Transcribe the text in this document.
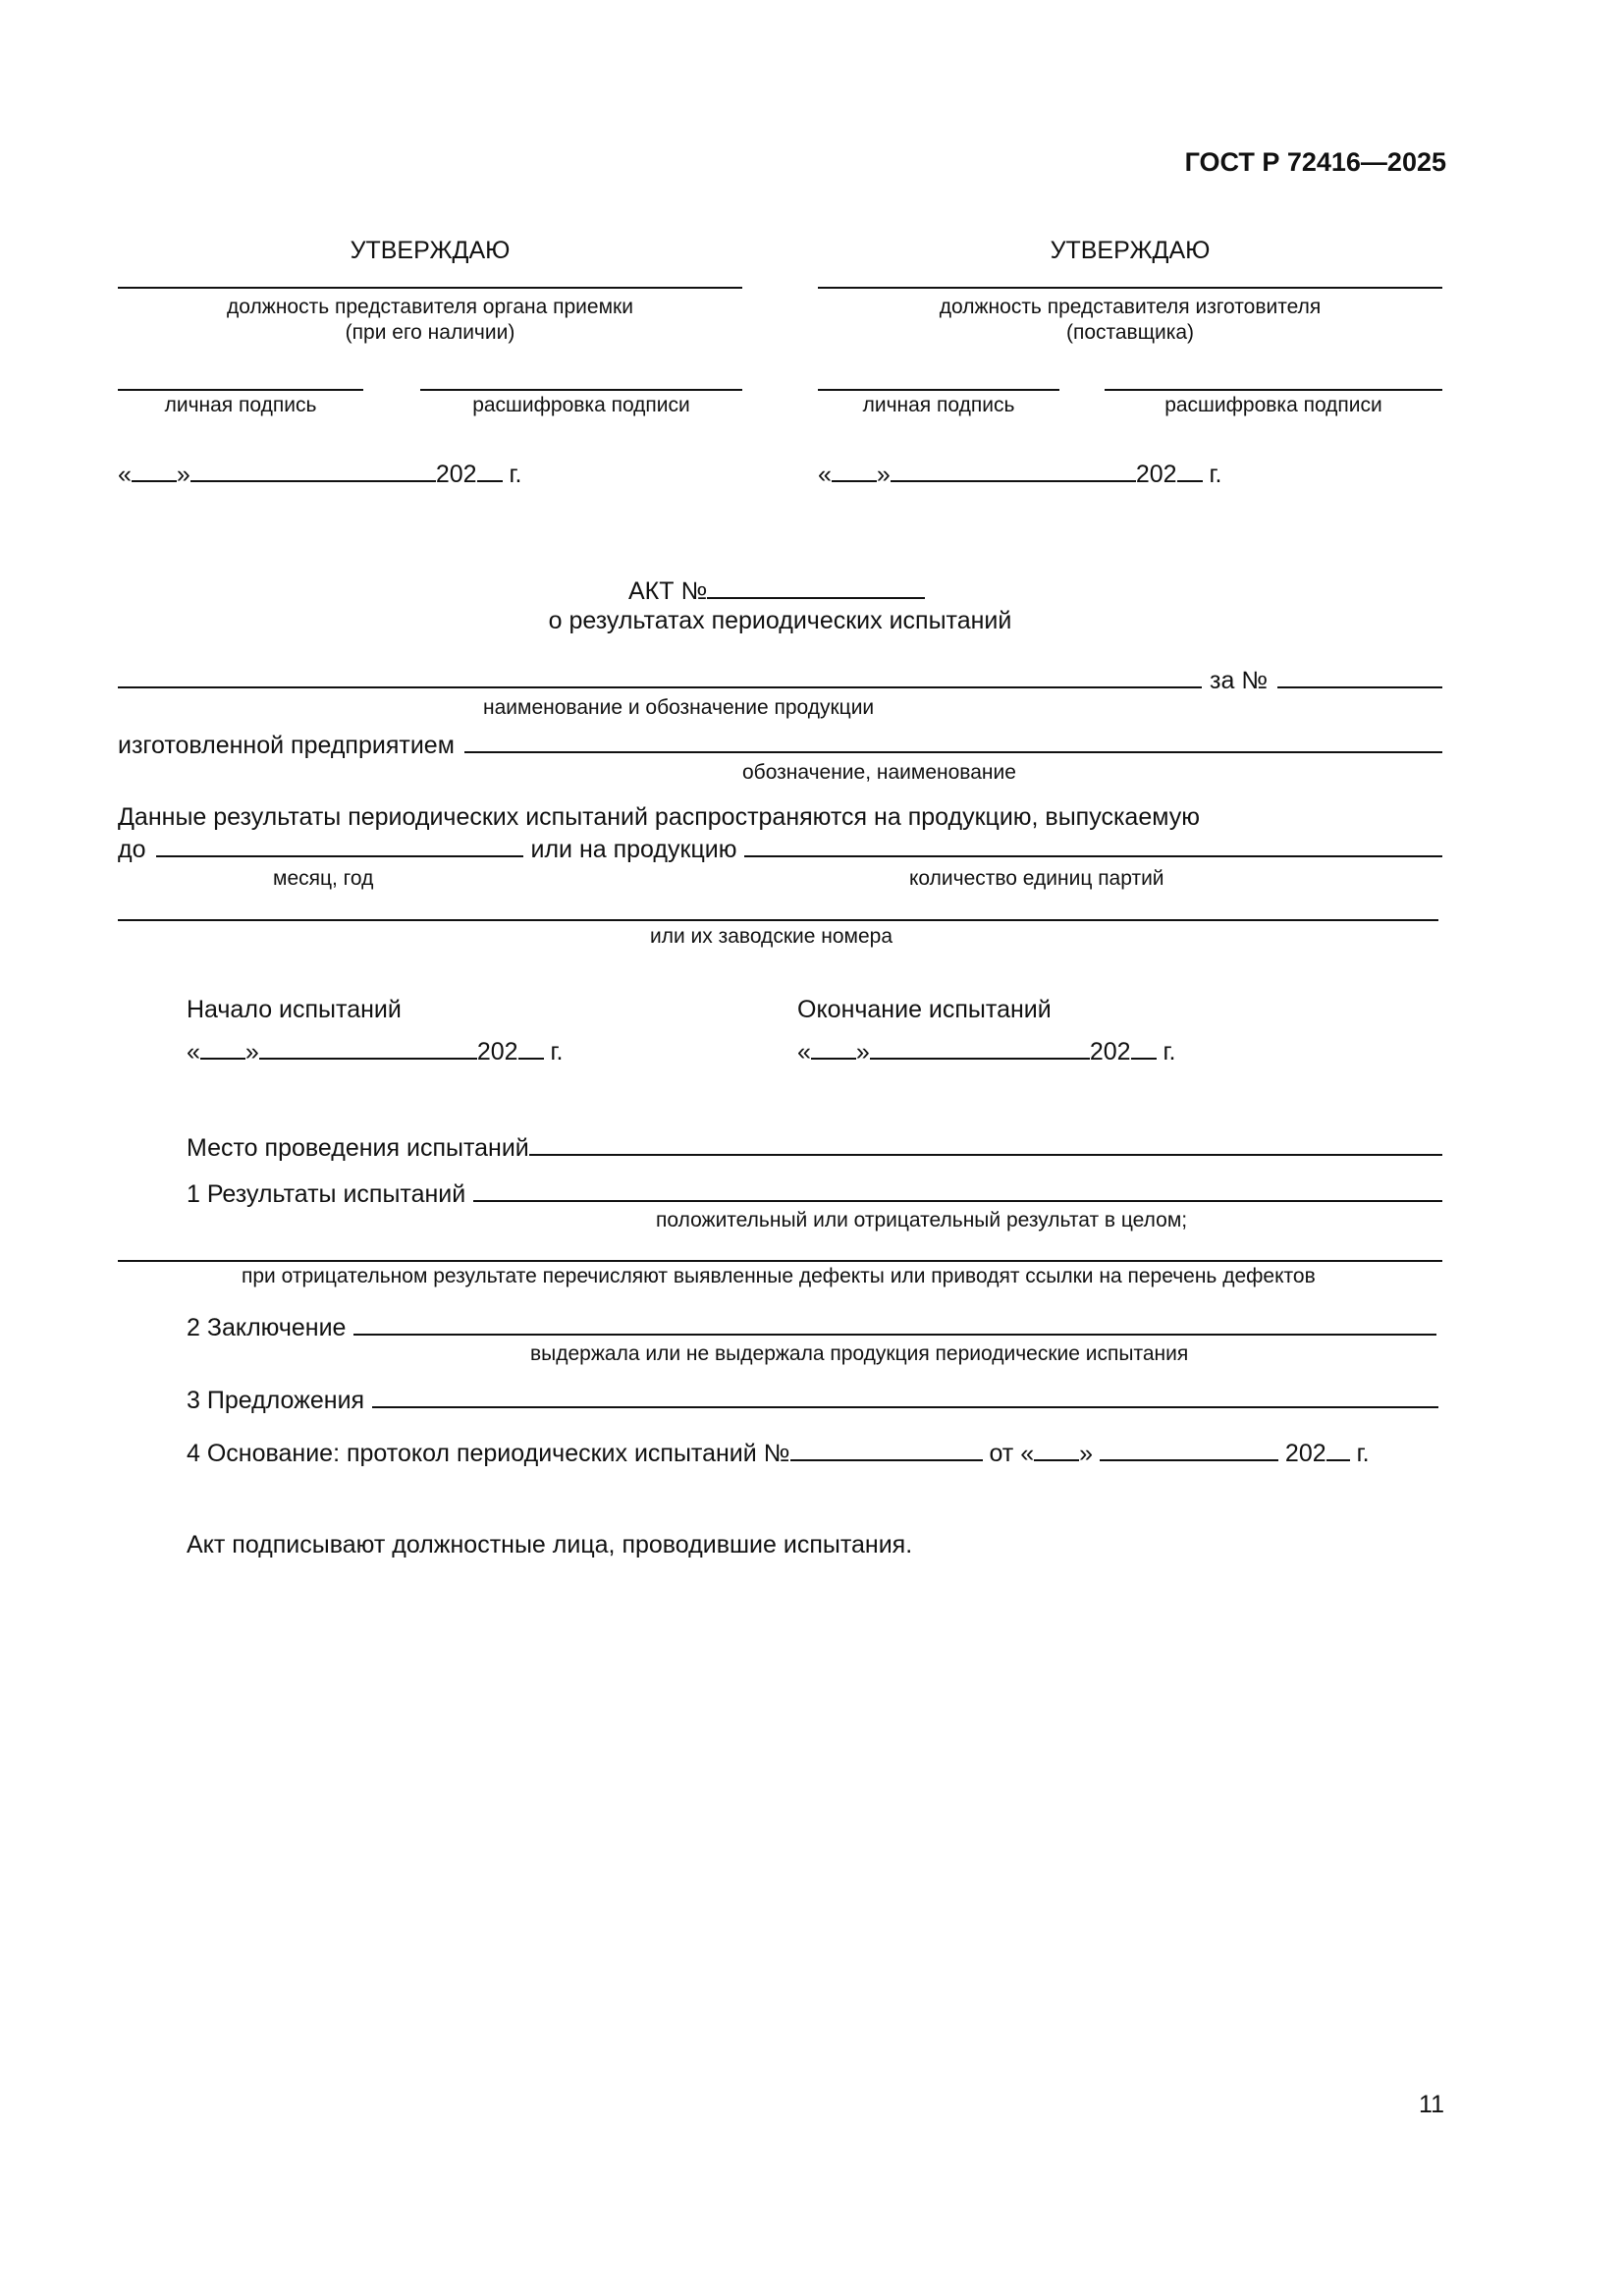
ГОСТ Р 72416—2025
УТВЕРЖДАЮ
должность представителя органа приемки
(при его наличии)
личная подпись	расшифровка подписи
« »	202 г.
УТВЕРЖДАЮ
должность представителя изготовителя
(поставщика)
личная подпись	расшифровка подписи
« »	202 г.
АКТ №
о результатах периодических испытаний
за №
наименование и обозначение продукции
изготовленной предприятием
обозначение, наименование
Данные результаты периодических испытаний распространяются на продукцию, выпускаемую
до	или на продукцию
месяц, год	количество единиц партий
или их заводские номера
Начало испытаний	Окончание испытаний
« »	202 г.	« »	202 г.
Место проведения испытаний
1 Результаты испытаний
положительный или отрицательный результат в целом;
при отрицательном результате перечисляют выявленные дефекты или приводят ссылки на перечень дефектов
2 Заключение
выдержала или не выдержала продукция периодические испытания
3 Предложения
4 Основание: протокол периодических испытаний №	от « »	202 г.
Акт подписывают должностные лица, проводившие испытания.
11
